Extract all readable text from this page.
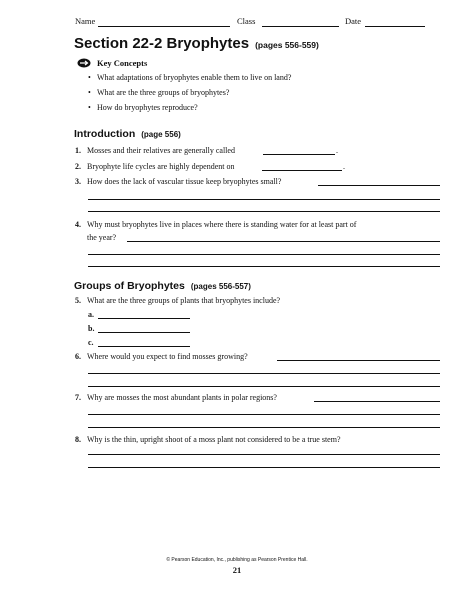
Name	Class	Date
Section 22-2 Bryophytes (pages 556-559)
Key Concepts
• What adaptations of bryophytes enable them to live on land?
• What are the three groups of bryophytes?
• How do bryophytes reproduce?
Introduction (page 556)
1. Mosses and their relatives are generally called	.
2. Bryophyte life cycles are highly dependent on	.
3. How does the lack of vascular tissue keep bryophytes small?
4. Why must bryophytes live in places where there is standing water for at least part of
the year?
Groups of Bryophytes (pages 556-557)
5. What are the three groups of plants that bryophytes include?
a.
b.
c.
6. Where would you expect to find mosses growing?
7. Why are mosses the most abundant plants in polar regions?
8. Why is the thin, upright shoot of a moss plant not considered to be a true stem?
© Pearson Education, Inc., publishing as Pearson Prentice Hall.
21
